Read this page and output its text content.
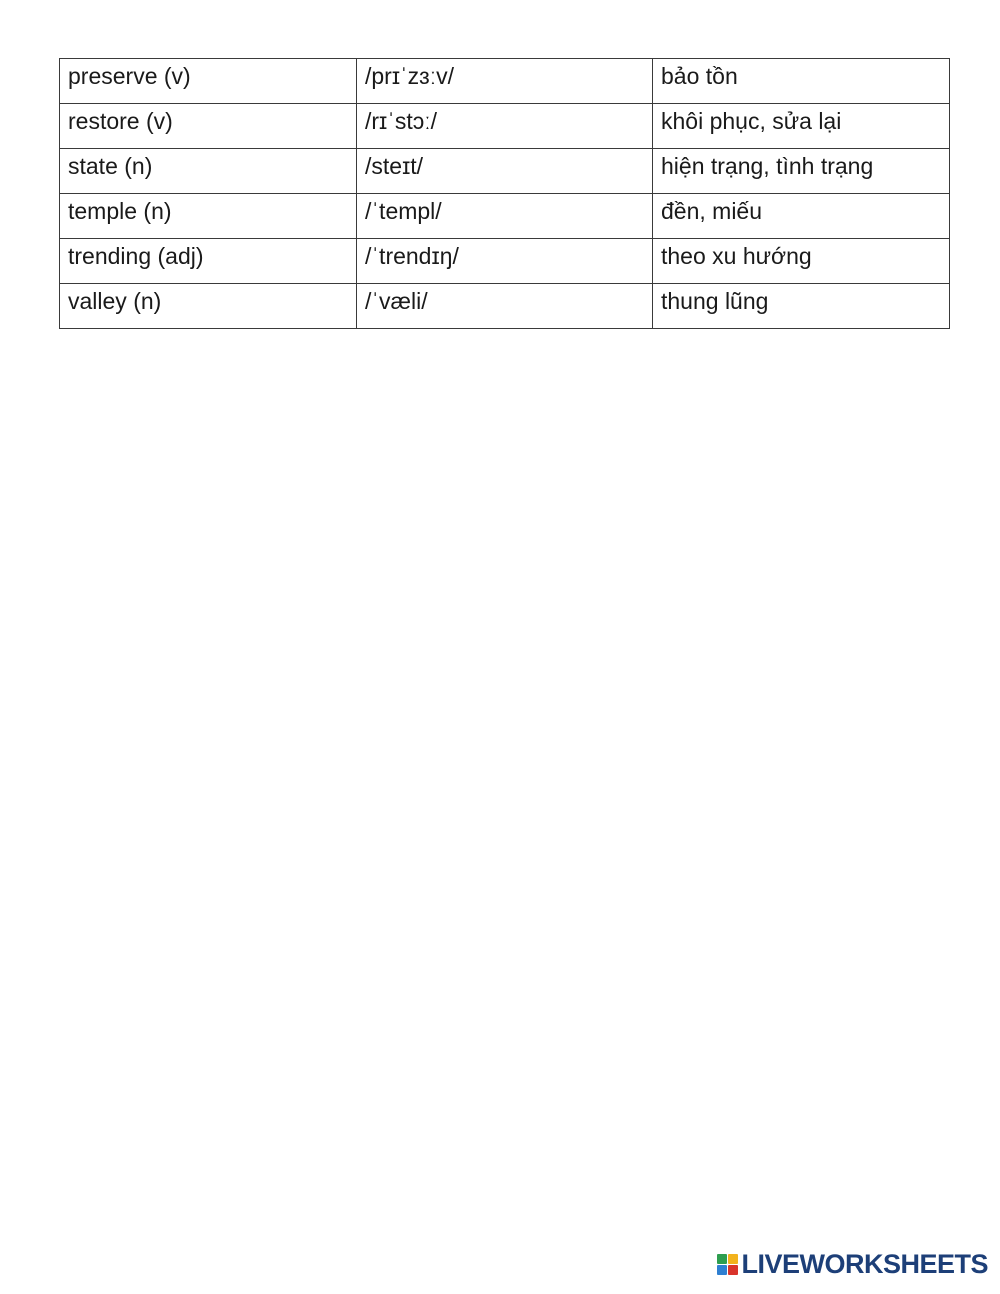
preserve (v)	/prɪˈzɜːv/	bảo tồn
restore (v)	/rɪˈstɔː/	khôi phục, sửa lại
state (n)	/steɪt/	hiện trạng, tình trạng
temple (n)	/ˈtempl/	đền, miếu
trending (adj)	/ˈtrendɪŋ/	theo xu hướng
valley (n)	/ˈvæli/	thung lũng
LIVEWORKSHEETS
